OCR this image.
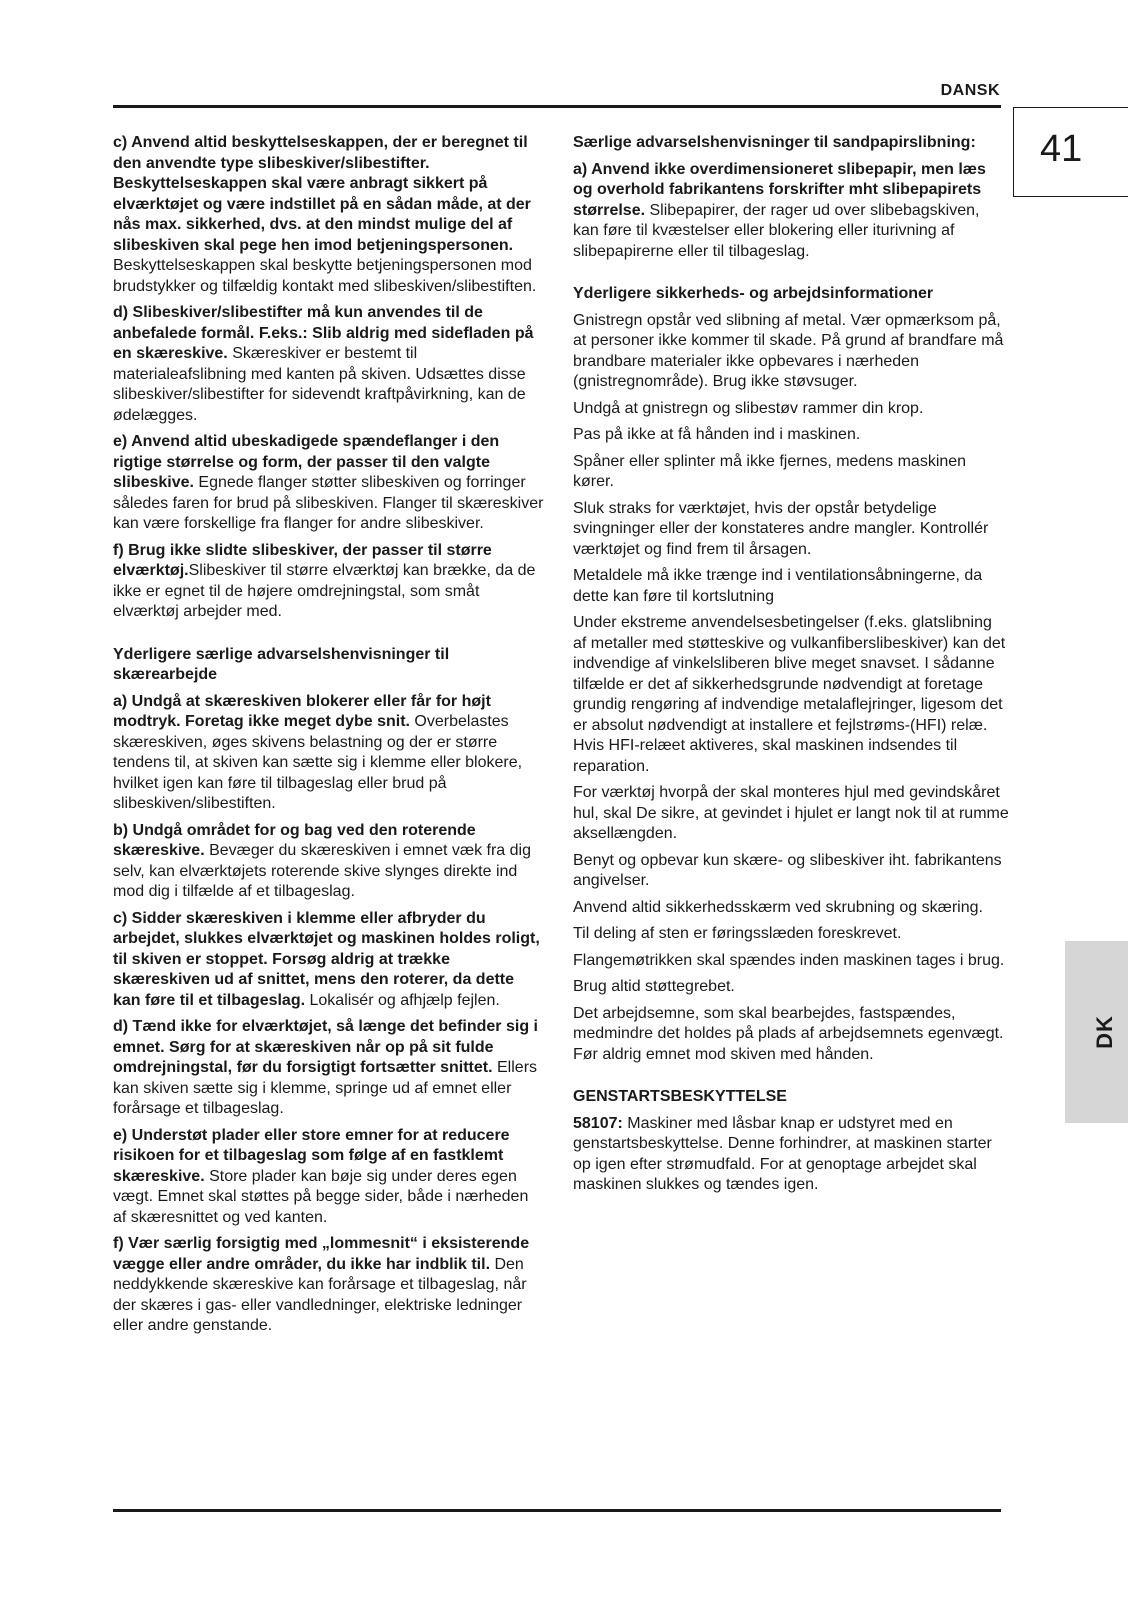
DANSK
41
DK

c) Anvend altid beskyttelseskappen, der er beregnet til den anvendte type slibeskiver/slibestifter. Beskyttelseskappen skal være anbragt sikkert på elværktøjet og være indstillet på en sådan måde, at der nås max. sikkerhed, dvs. at den mindst mulige del af slibeskiven skal pege hen imod betjeningspersonen. Beskyttelseskappen skal beskytte betjeningspersonen mod brudstykker og tilfældig kontakt med slibeskiven/slibestiften.

d) Slibeskiver/slibestifter må kun anvendes til de anbefalede formål. F.eks.: Slib aldrig med sidefladen på en skæreskive. Skæreskiver er bestemt til materialeafslibning med kanten på skiven. Udsættes disse slibeskiver/slibestifter for sidevendt kraftpåvirkning, kan de ødelægges.

e) Anvend altid ubeskadigede spændeflanger i den rigtige størrelse og form, der passer til den valgte slibeskive. Egnede flanger støtter slibeskiven og forringer således faren for brud på slibeskiven. Flanger til skæreskiver kan være forskellige fra flanger for andre slibeskiver.

f) Brug ikke slidte slibeskiver, der passer til større elværktøj.Slibeskiver til større elværktøj kan brække, da de ikke er egnet til de højere omdrejningstal, som småt elværktøj arbejder med.

Yderligere særlige advarselshenvisninger til skærearbejde

a) Undgå at skæreskiven blokerer eller får for højt modtryk. Foretag ikke meget dybe snit. Overbelastes skæreskiven, øges skivens belastning og der er større tendens til, at skiven kan sætte sig i klemme eller blokere, hvilket igen kan føre til tilbageslag eller brud på slibeskiven/slibestiften.

b) Undgå området for og bag ved den roterende skæreskive. Bevæger du skæreskiven i emnet væk fra dig selv, kan elværktøjets roterende skive slynges direkte ind mod dig i tilfælde af et tilbageslag.

c) Sidder skæreskiven i klemme eller afbryder du arbejdet, slukkes elværktøjet og maskinen holdes roligt, til skiven er stoppet. Forsøg aldrig at trække skæreskiven ud af snittet, mens den roterer, da dette kan føre til et tilbageslag. Lokalisér og afhjælp fejlen.

d) Tænd ikke for elværktøjet, så længe det befinder sig i emnet. Sørg for at skæreskiven når op på sit fulde omdrejningstal, før du forsigtigt fortsætter snittet. Ellers kan skiven sætte sig i klemme, springe ud af emnet eller forårsage et tilbageslag.

e) Understøt plader eller store emner for at reducere risikoen for et tilbageslag som følge af en fastklemt skæreskive. Store plader kan bøje sig under deres egen vægt. Emnet skal støttes på begge sider, både i nærheden af skæresnittet og ved kanten.

f) Vær særlig forsigtig med „lommesnit“ i eksisterende vægge eller andre områder, du ikke har indblik til. Den neddykkende skæreskive kan forårsage et tilbageslag, når der skæres i gas- eller vandledninger, elektriske ledninger eller andre genstande.

Særlige advarselshenvisninger til sandpapirslibning:

a) Anvend ikke overdimensioneret slibepapir, men læs og overhold fabrikantens forskrifter mht slibepapirets størrelse. Slibepapirer, der rager ud over slibebagskiven, kan føre til kvæstelser eller blokering eller iturivning af slibepapirerne eller til tilbageslag.

Yderligere sikkerheds- og arbejdsinformationer

Gnistregn opstår ved slibning af metal. Vær opmærksom på, at personer ikke kommer til skade. På grund af brandfare må brandbare materialer ikke opbevares i nærheden (gnistregnområde). Brug ikke støvsuger.

Undgå at gnistregn og slibestøv rammer din krop.

Pas på ikke at få hånden ind i maskinen.

Spåner eller splinter må ikke fjernes, medens maskinen kører.

Sluk straks for værktøjet, hvis der opstår betydelige svingninger eller der konstateres andre mangler. Kontrollér værktøjet og find frem til årsagen.

Metaldele må ikke trænge ind i ventilationsåbningerne, da dette kan føre til kortslutning

Under ekstreme anvendelsesbetingelser (f.eks. glatslibning af metaller med støtteskive og vulkanfiberslibeskiver) kan det indvendige af vinkelsliberen blive meget snavset. I sådanne tilfælde er det af sikkerhedsgrunde nødvendigt at foretage grundig rengøring af indvendige metalaflejringer, ligesom det er absolut nødvendigt at installere et fejlstrøms-(HFI) relæ. Hvis HFI-relæet aktiveres, skal maskinen indsendes til reparation.

For værktøj hvorpå der skal monteres hjul med gevindskåret hul, skal De sikre, at gevindet i hjulet er langt nok til at rumme aksellængden.

Benyt og opbevar kun skære- og slibeskiver iht. fabrikantens angivelser.

Anvend altid sikkerhedsskærm ved skrubning og skæring.

Til deling af sten er føringsslæden foreskrevet.

Flangemøtrikken skal spændes inden maskinen tages i brug.

Brug altid støttegrebet.

Det arbejdsemne, som skal bearbejdes, fastspændes, medmindre det holdes på plads af arbejdsemnets egenvægt. Før aldrig emnet mod skiven med hånden.

GENSTARTSBESKYTTELSE

58107: Maskiner med låsbar knap er udstyret med en genstartsbeskyttelse. Denne forhindrer, at maskinen starter op igen efter strømudfald. For at genoptage arbejdet skal maskinen slukkes og tændes igen.
